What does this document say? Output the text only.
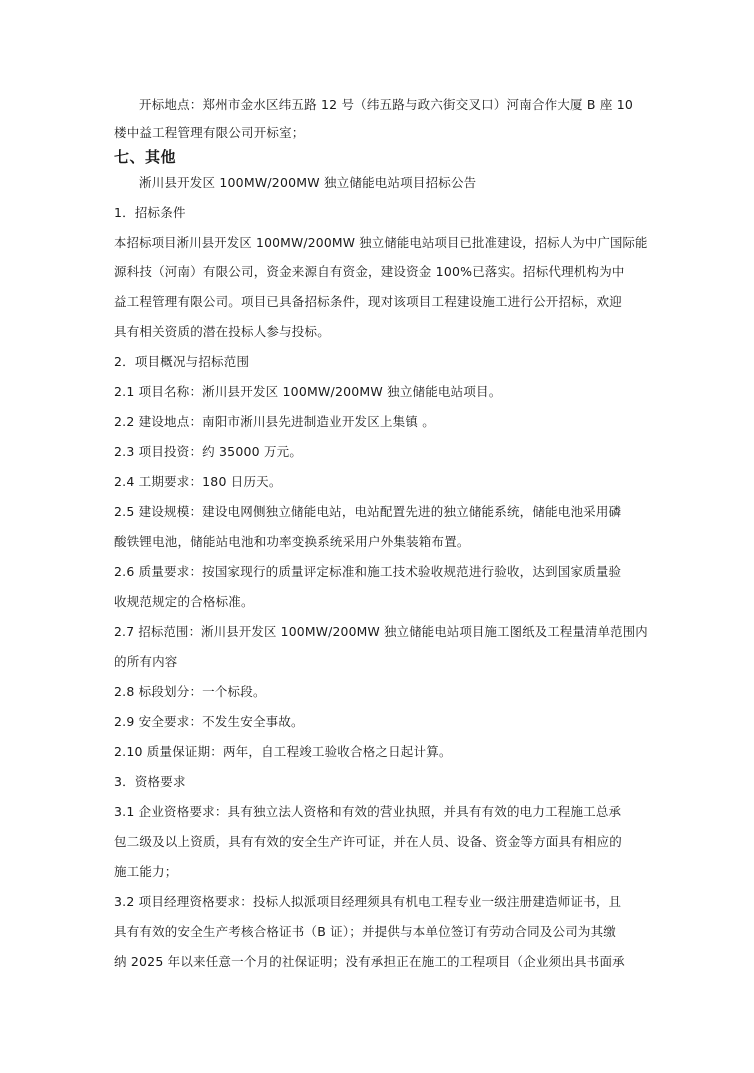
开标地点：郑州市金水区纬五路 12 号（纬五路与政六街交叉口）河南合作大厦 B 座 10
楼中益工程管理有限公司开标室；
七、其他
淅川县开发区 100MW/200MW 独立储能电站项目招标公告
1．招标条件
本招标项目淅川县开发区 100MW/200MW 独立储能电站项目已批准建设，招标人为中广国际能
源科技（河南）有限公司，资金来源自有资金，建设资金 100%已落实。招标代理机构为中
益工程管理有限公司。项目已具备招标条件，现对该项目工程建设施工进行公开招标，欢迎
具有相关资质的潜在投标人参与投标。
2．项目概况与招标范围
2.1 项目名称：淅川县开发区 100MW/200MW 独立储能电站项目。
2.2 建设地点：南阳市淅川县先进制造业开发区上集镇 。
2.3 项目投资：约 35000 万元。
2.4 工期要求：180 日历天。
2.5 建设规模：建设电网侧独立储能电站，电站配置先进的独立储能系统，储能电池采用磷
酸铁锂电池，储能站电池和功率变换系统采用户外集装箱布置。
2.6 质量要求：按国家现行的质量评定标准和施工技术验收规范进行验收，达到国家质量验
收规范规定的合格标准。
2.7 招标范围：淅川县开发区 100MW/200MW 独立储能电站项目施工图纸及工程量清单范围内
的所有内容
2.8 标段划分：一个标段。
2.9 安全要求：不发生安全事故。
2.10 质量保证期：两年，自工程竣工验收合格之日起计算。
3．资格要求
3.1 企业资格要求：具有独立法人资格和有效的营业执照，并具有有效的电力工程施工总承
包二级及以上资质，具有有效的安全生产许可证，并在人员、设备、资金等方面具有相应的
施工能力；
3.2 项目经理资格要求：投标人拟派项目经理须具有机电工程专业一级注册建造师证书，且
具有有效的安全生产考核合格证书（B 证）；并提供与本单位签订有劳动合同及公司为其缴
纳 2025 年以来任意一个月的社保证明；没有承担正在施工的工程项目（企业须出具书面承
